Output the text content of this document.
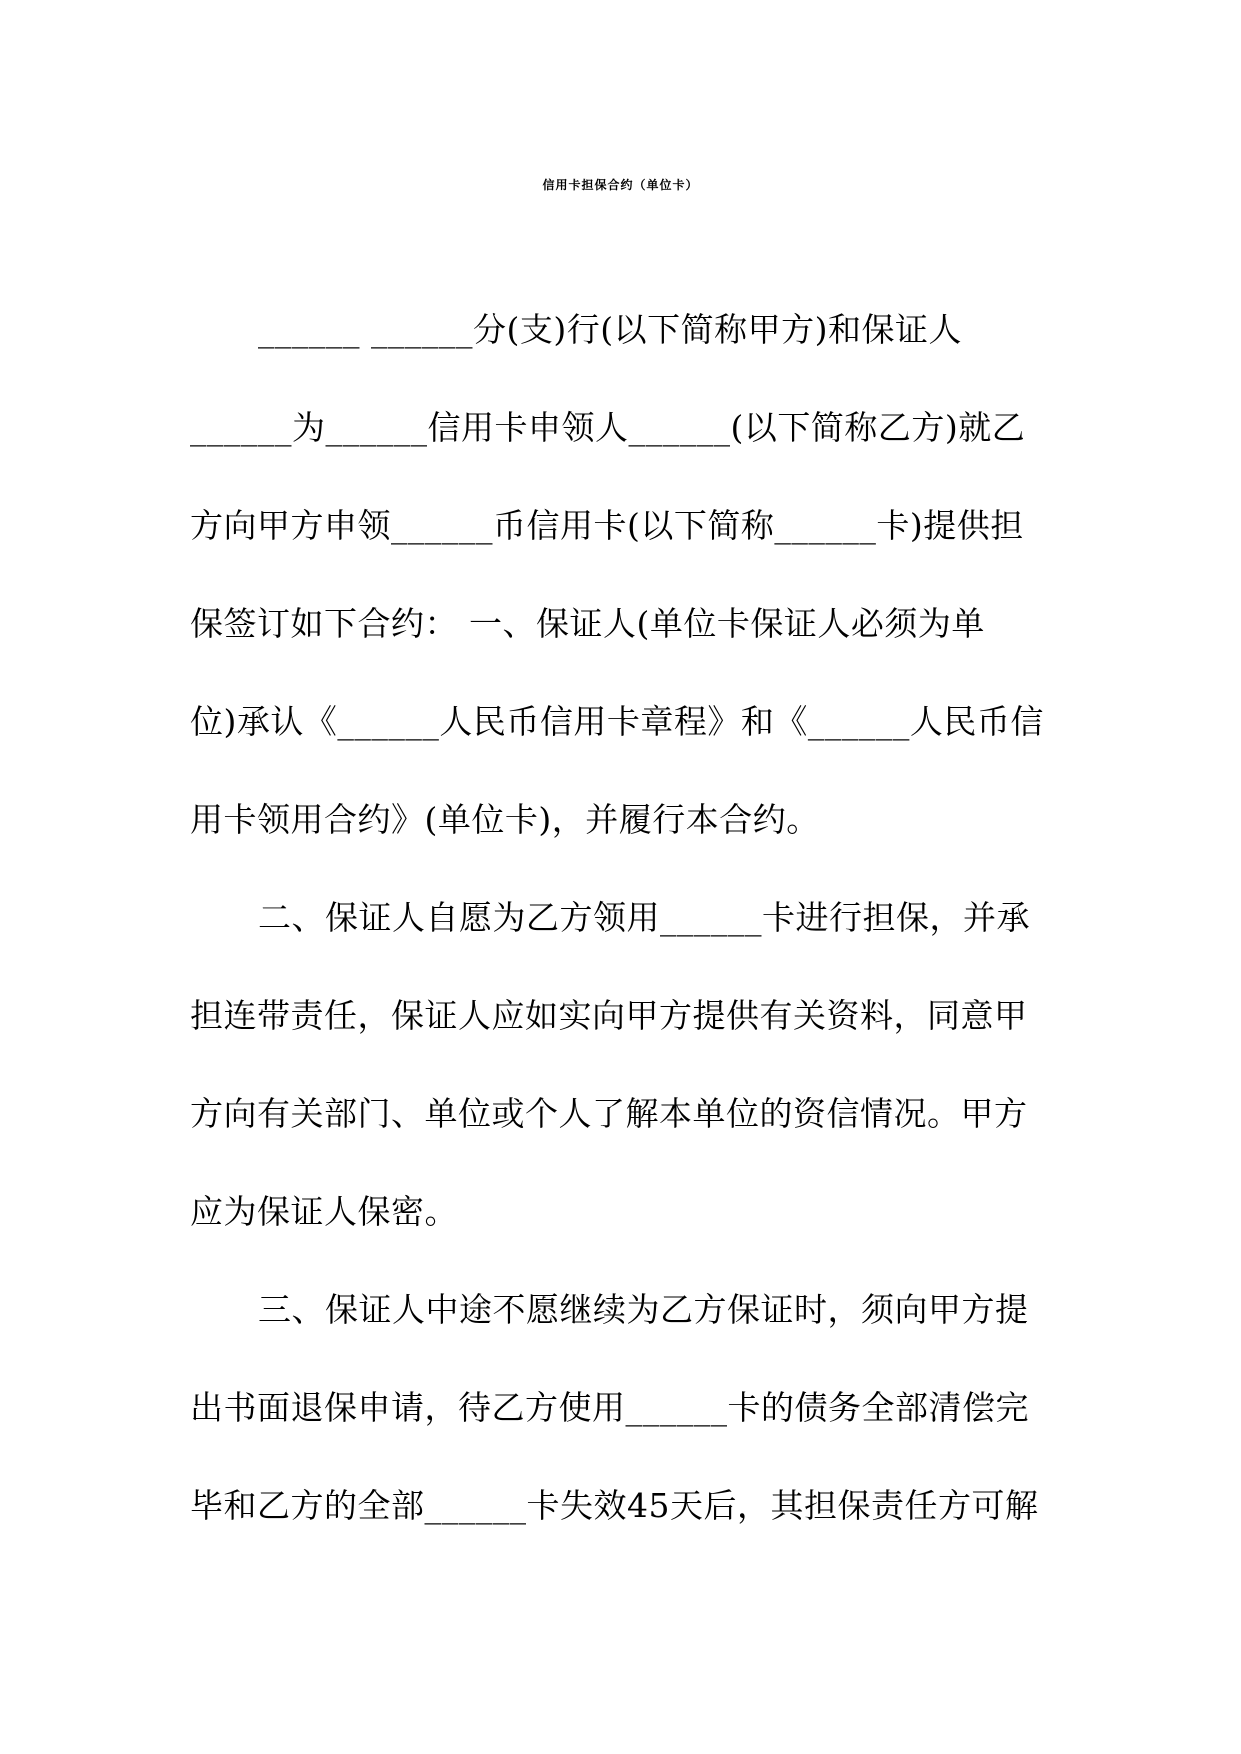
信用卡担保合约（单位卡）
______ ______分(支)行(以下简称甲方)和保证人
______为______信用卡申领人______(以下简称乙方)就乙
方向甲方申领______币信用卡(以下简称______卡)提供担
保签订如下合约： 一、保证人(单位卡保证人必须为单
位)承认《______人民币信用卡章程》和《______人民币信
用卡领用合约》(单位卡)，并履行本合约。
二、保证人自愿为乙方领用______卡进行担保，并承
担连带责任，保证人应如实向甲方提供有关资料，同意甲
方向有关部门、单位或个人了解本单位的资信情况。甲方
应为保证人保密。
三、保证人中途不愿继续为乙方保证时，须向甲方提
出书面退保申请，待乙方使用______卡的债务全部清偿完
毕和乙方的全部______卡失效45天后，其担保责任方可解
